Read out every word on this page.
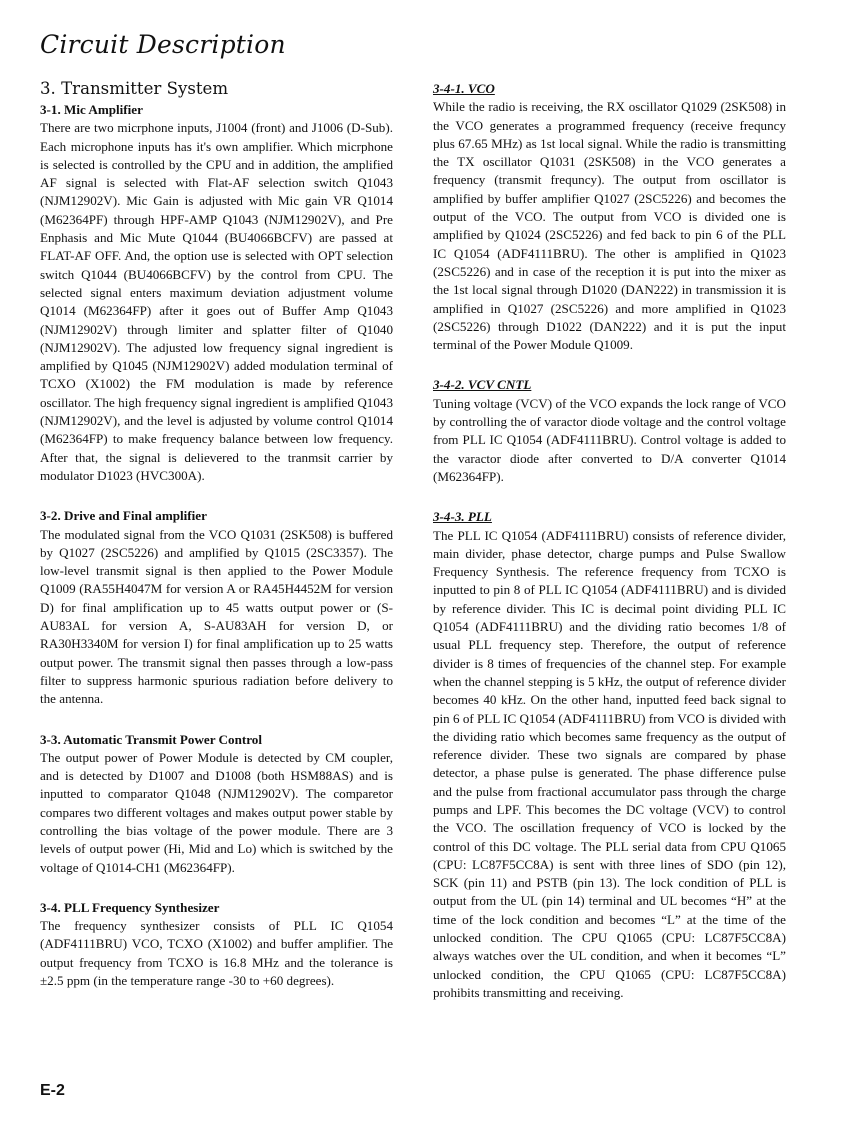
Circuit Description
3. Transmitter System
3-1. Mic Amplifier

There are two micrphone inputs, J1004 (front) and J1006 (D-Sub). Each microphone inputs has it's own amplifier. Which micrphone is selected is controlled by the CPU and in addition, the amplified AF signal is selected with Flat-AF selection switch Q1043 (NJM12902V). Mic Gain is adjusted with Mic gain VR Q1014 (M62364PF) through HPF-AMP Q1043 (NJM12902V), and Pre Enphasis and Mic Mute Q1044 (BU4066BCFV) are passed at FLAT-AF OFF. And, the option use is selected with OPT selection switch Q1044 (BU4066BCFV) by the control from CPU. The selected signal enters maximum deviation adjustment volume Q1014 (M62364FP) after it goes out of Buffer Amp Q1043 (NJM12902V) through limiter and splatter filter of Q1040 (NJM12902V). The adjusted low frequency signal ingredient is amplified by Q1045 (NJM12902V) added modulation terminal of TCXO (X1002) the FM modulation is made by reference oscillator. The high frequency signal ingredient is amplified Q1043 (NJM12902V), and the level is adjusted by volume control Q1014 (M62364FP) to make frequency balance between low frequency. After that, the signal is delievered to the tranmsit carrier by modulator D1023 (HVC300A).

3-2. Drive and Final amplifier

The modulated signal from the VCO Q1031 (2SK508) is buffered by Q1027 (2SC5226) and amplified by Q1015 (2SC3357). The low-level transmit signal is then applied to the Power Module Q1009 (RA55H4047M for version A or RA45H4452M for version D) for final amplification up to 45 watts output power or (S-AU83AL for version A, S-AU83AH for version D, or RA30H3340M for version I) for final amplification up to 25 watts output power. The transmit signal then passes through a low-pass filter to suppress harmonic spurious radiation before delivery to the antenna.

3-3. Automatic Transmit Power Control

The output power of Power Module is detected by CM coupler, and is detected by D1007 and D1008 (both HSM88AS) and is inputted to comparator Q1048 (NJM12902V). The comparetor compares two different voltages and makes output power stable by controlling the bias voltage of the power module. There are 3 levels of output power (Hi, Mid and Lo) which is switched by the voltage of Q1014-CH1 (M62364FP).

3-4. PLL Frequency Synthesizer

The frequency synthesizer consists of PLL IC Q1054 (ADF4111BRU) VCO, TCXO (X1002) and buffer amplifier. The output frequency from TCXO is 16.8 MHz and the tolerance is ±2.5 ppm (in the temperature range -30 to +60 degrees).

3-4-1. VCO

While the radio is receiving, the RX oscillator Q1029 (2SK508) in the VCO generates a programmed frequency (receive frequncy plus 67.65 MHz) as 1st local signal. While the radio is transmitting the TX oscillator Q1031 (2SK508) in the VCO generates a frequency (transmit frequncy). The output from oscillator is amplified by buffer amplifier Q1027 (2SC5226) and becomes the output of the VCO. The output from VCO is divided one is amplified by Q1024 (2SC5226) and fed back to pin 6 of the PLL IC Q1054 (ADF4111BRU). The other is amplified in Q1023 (2SC5226) and in case of the reception it is put into the mixer as the 1st local signal through D1020 (DAN222) in transmission it is amplified in Q1027 (2SC5226) and more amplified in Q1023 (2SC5226) through D1022 (DAN222) and it is put the input terminal of the Power Module Q1009.

3-4-2. VCV CNTL

Tuning voltage (VCV) of the VCO expands the lock range of VCO by controlling the of varactor diode voltage and the control voltage from PLL IC Q1054 (ADF4111BRU). Control voltage is added to the varactor diode after converted to D/A converter Q1014 (M62364FP).

3-4-3. PLL

The PLL IC Q1054 (ADF4111BRU) consists of reference divider, main divider, phase detector, charge pumps and Pulse Swallow Frequency Synthesis. The reference frequency from TCXO is inputted to pin 8 of PLL IC Q1054 (ADF4111BRU) and is divided by reference divider. This IC is decimal point dividing PLL IC Q1054 (ADF4111BRU) and the dividing ratio becomes 1/8 of usual PLL frequency step. Therefore, the output of reference divider is 8 times of frequencies of the channel step. For example when the channel stepping is 5 kHz, the output of reference divider becomes 40 kHz. On the other hand, inputted feed back signal to pin 6 of PLL IC Q1054 (ADF4111BRU) from VCO is divided with the dividing ratio which becomes same frequency as the output of reference divider. These two signals are compared by phase detector, a phase pulse is generated. The phase difference pulse and the pulse from fractional accumulator pass through the charge pumps and LPF. This becomes the DC voltage (VCV) to control the VCO. The oscillation frequency of VCO is locked by the control of this DC voltage. The PLL serial data from CPU Q1065 (CPU: LC87F5CC8A) is sent with three lines of SDO (pin 12), SCK (pin 11) and PSTB (pin 13). The lock condition of PLL is output from the UL (pin 14) terminal and UL becomes “H” at the time of the lock condition and becomes “L” at the time of the unlocked condition. The CPU Q1065 (CPU: LC87F5CC8A) always watches over the UL condition, and when it becomes “L” unlocked condition, the CPU Q1065 (CPU: LC87F5CC8A) prohibits transmitting and receiving.

E-2
